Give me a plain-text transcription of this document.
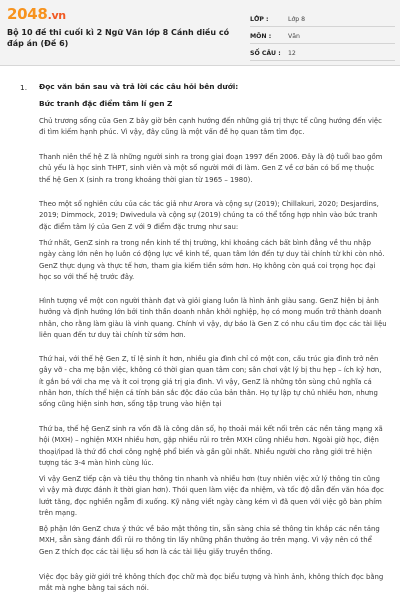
2048.vn
Bộ 10 đề thi cuối kì 2 Ngữ Văn lớp 8 Cánh diều có đáp án (Đề 6)
LỚP :	Lớp 8
MÔN :	Văn
SỐ CÂU :	12
1. Đọc văn bản sau và trả lời các câu hỏi bên dưới:
Bức tranh đặc điểm tâm lí gen Z
Chủ trương sống của Gen Z bây giờ bên cạnh hướng đến những giá trị thực tế cũng hướng đến việc đi tìm kiếm hạnh phúc. Vì vậy, đây cũng là một vấn đề họ quan tâm tìm đọc.
Thanh niên thế hệ Z là những người sinh ra trong giai đoạn 1997 đến 2006. Đây là độ tuổi bao gồm chủ yếu là học sinh THPT, sinh viên và một số người mới đi làm. Gen Z về cơ bản có bố mẹ thuộc thế hệ Gen X (sinh ra trong khoảng thời gian từ 1965 – 1980).
Theo một số nghiên cứu của các tác giả như Arora và cộng sự (2019); Chillakuri, 2020; Desjardins, 2019; Dimmock, 2019; Dwivedula và cộng sự (2019) chúng ta có thể tổng hợp nhìn vào bức tranh đặc điểm tâm lý của Gen Z với 9 điểm đặc trưng như sau:
Thứ nhất, GenZ sinh ra trong nền kinh tế thị trường, khi khoảng cách bất bình đẳng về thu nhập ngày càng lớn nên họ luôn có động lực về kinh tế, quan tâm lớn đến tự duy tài chính từ khi còn nhỏ. GenZ thực dụng và thực tế hơn, tham gia kiếm tiền sớm hơn. Họ không còn quá coi trọng học đại học so với thế hệ trước đây.
Hình tượng về một con người thành đạt và giỏi giang luôn là hình ảnh giàu sang. GenZ hiện bị ảnh hưởng và định hướng lớn bởi tinh thần doanh nhân khởi nghiệp, họ có mong muốn trở thành doanh nhân, cho rằng làm giàu là vinh quang. Chính vì vậy, dự báo là Gen Z có nhu cầu tìm đọc các tài liệu liên quan đến tư duy tài chính từ sớm hơn.
Thứ hai, với thế hệ Gen Z, tỉ lệ sinh ít hơn, nhiều gia đình chỉ có một con, cấu trúc gia đình trở nên gây vỡ - cha mẹ bận việc, không có thời gian quan tâm con; sân chơi vật lý bị thu hẹp – ích kỷ hơn, ít gắn bó với cha mẹ và ít coi trọng giá trị gia đình. Vì vậy, GenZ là những tôn sùng chủ nghĩa cá nhân hơn, thích thể hiện cá tính bản sắc độc đáo của bản thân. Họ tự lập tự chủ nhiều hơn, nhưng sống cũng hiện sinh hơn, sống tập trung vào hiện tại
Thứ ba, thế hệ GenZ sinh ra vốn đã là công dân số, họ thoải mái kết nối trên các nền tảng mạng xã hội (MXH) – nghiện MXH nhiều hơn, gặp nhiều rủi ro trên MXH cũng nhiều hơn. Ngoài giờ học, điện thoại/ipad là thứ đồ chơi công nghệ phổ biến và gần gũi nhất. Nhiều người cho rằng giới trẻ hiện tượng tác 3-4 màn hình cùng lúc.
Vì vậy GenZ tiếp cận và tiêu thụ thông tin nhanh và nhiều hơn (tuy nhiên việc xử lý thông tin cũng vì vậy mà được đánh ít thời gian hơn). Thói quen làm việc đa nhiệm, và tốc độ dẫn đến văn hóa đọc lướt tăng, đọc nghiền ngẫm đi xuống. Kỹ năng viết ngày càng kém vì đã quen với việc gõ bàn phím trên mạng.
Bộ phận lớn GenZ chưa ý thức về bảo mật thông tin, sẵn sàng chia sẻ thông tin khắp các nền tảng MXH, sẵn sàng đánh đổi rủi ro thông tin lấy những phần thưởng ảo trên mạng. Vì vậy nên có thể Gen Z thích đọc các tài liệu số hơn là các tài liệu giấy truyền thống.
Việc đọc bây giờ giới trẻ không thích đọc chữ mà đọc biểu tượng và hình ảnh, không thích đọc bằng mắt mà nghe bằng tai sách nói.
